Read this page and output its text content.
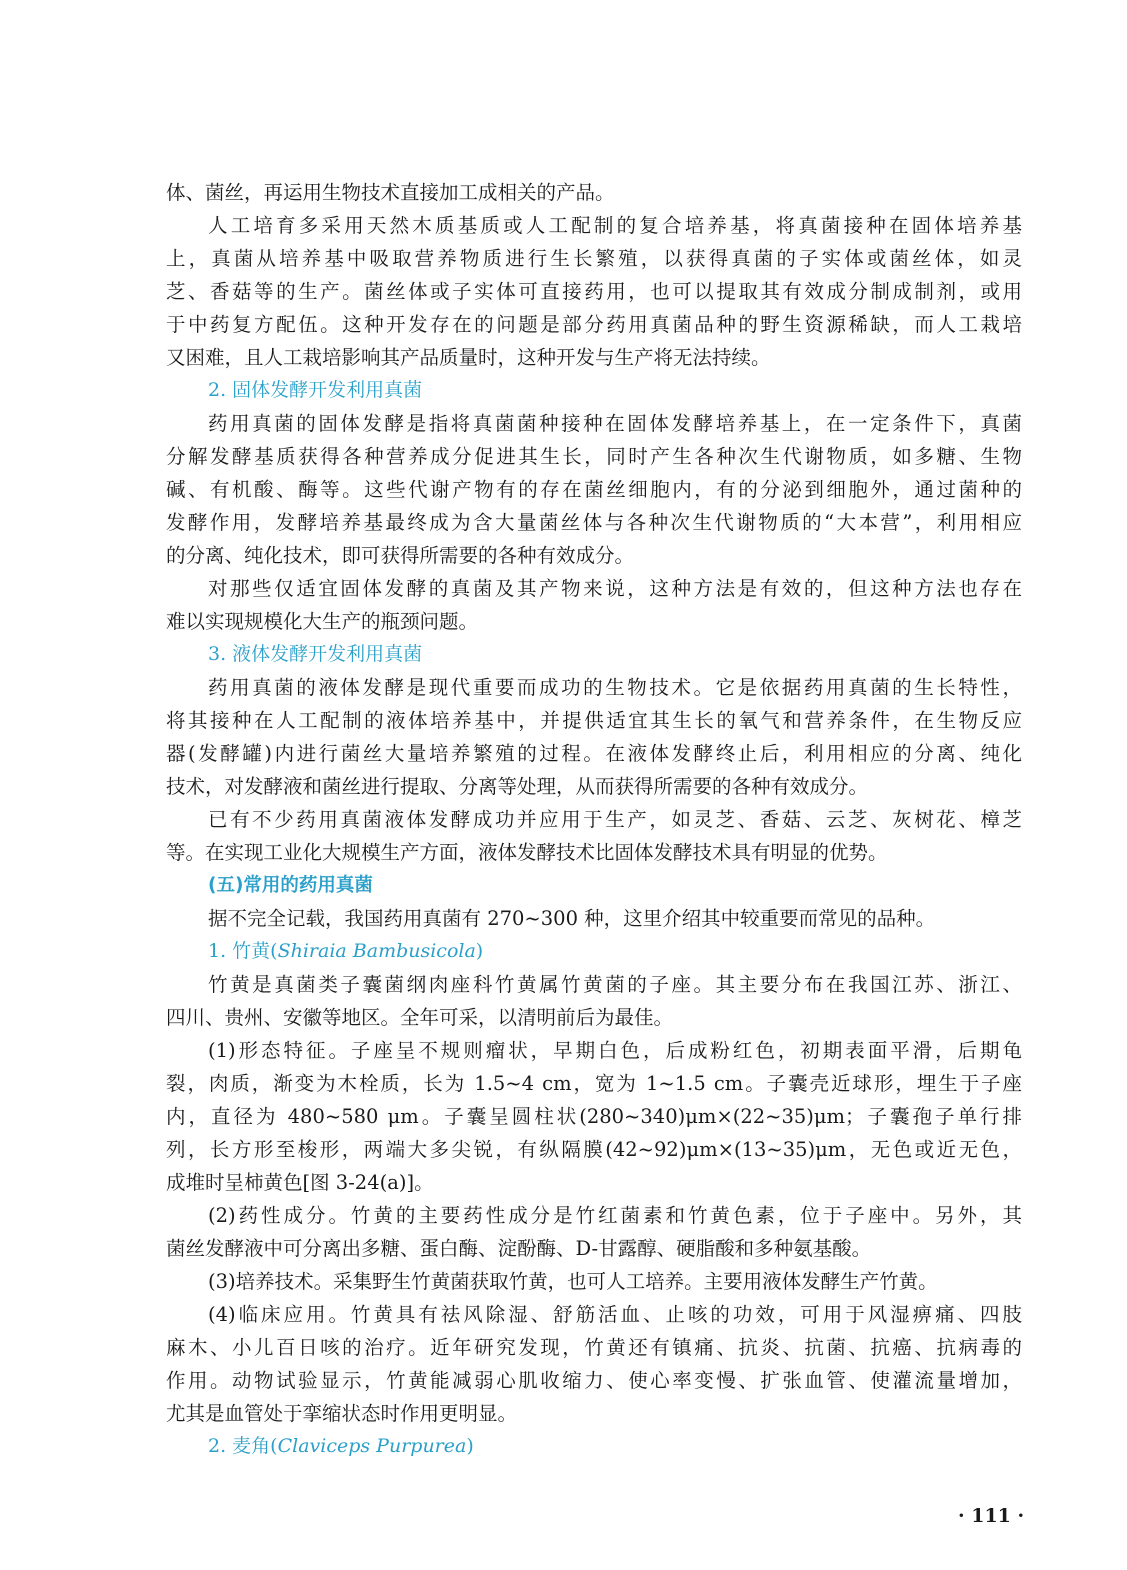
体、菌丝，再运用生物技术直接加工成相关的产品。
人工培育多采用天然木质基质或人工配制的复合培养基，将真菌接种在固体培养基
上，真菌从培养基中吸取营养物质进行生长繁殖，以获得真菌的子实体或菌丝体，如灵
芝、香菇等的生产。菌丝体或子实体可直接药用，也可以提取其有效成分制成制剂，或用
于中药复方配伍。这种开发存在的问题是部分药用真菌品种的野生资源稀缺，而人工栽培
又困难，且人工栽培影响其产品质量时，这种开发与生产将无法持续。
2. 固体发酵开发利用真菌
药用真菌的固体发酵是指将真菌菌种接种在固体发酵培养基上，在一定条件下，真菌
分解发酵基质获得各种营养成分促进其生长，同时产生各种次生代谢物质，如多糖、生物
碱、有机酸、酶等。这些代谢产物有的存在菌丝细胞内，有的分泌到细胞外，通过菌种的
发酵作用，发酵培养基最终成为含大量菌丝体与各种次生代谢物质的“大本营”，利用相应
的分离、纯化技术，即可获得所需要的各种有效成分。
对那些仅适宜固体发酵的真菌及其产物来说，这种方法是有效的，但这种方法也存在
难以实现规模化大生产的瓶颈问题。
3. 液体发酵开发利用真菌
药用真菌的液体发酵是现代重要而成功的生物技术。它是依据药用真菌的生长特性，
将其接种在人工配制的液体培养基中，并提供适宜其生长的氧气和营养条件，在生物反应
器(发酵罐)内进行菌丝大量培养繁殖的过程。在液体发酵终止后，利用相应的分离、纯化
技术，对发酵液和菌丝进行提取、分离等处理，从而获得所需要的各种有效成分。
已有不少药用真菌液体发酵成功并应用于生产，如灵芝、香菇、云芝、灰树花、樟芝
等。在实现工业化大规模生产方面，液体发酵技术比固体发酵技术具有明显的优势。
(五)常用的药用真菌
据不完全记载，我国药用真菌有 270~300 种，这里介绍其中较重要而常见的品种。
1. 竹黄(Shiraia Bambusicola)
竹黄是真菌类子囊菌纲肉座科竹黄属竹黄菌的子座。其主要分布在我国江苏、浙江、
四川、贵州、安徽等地区。全年可采，以清明前后为最佳。
(1)形态特征。子座呈不规则瘤状，早期白色，后成粉红色，初期表面平滑，后期龟
裂，肉质，渐变为木栓质，长为 1.5~4 cm，宽为 1~1.5 cm。子囊壳近球形，埋生于子座
内，直径为 480~580 μm。子囊呈圆柱状(280~340)μm×(22~35)μm；子囊孢子单行排
列，长方形至梭形，两端大多尖锐，有纵隔膜(42~92)μm×(13~35)μm，无色或近无色，
成堆时呈柿黄色[图 3-24(a)]。
(2)药性成分。竹黄的主要药性成分是竹红菌素和竹黄色素，位于子座中。另外，其
菌丝发酵液中可分离出多糖、蛋白酶、淀酚酶、D-甘露醇、硬脂酸和多种氨基酸。
(3)培养技术。采集野生竹黄菌获取竹黄，也可人工培养。主要用液体发酵生产竹黄。
(4)临床应用。竹黄具有祛风除湿、舒筋活血、止咳的功效，可用于风湿痹痛、四肢
麻木、小儿百日咳的治疗。近年研究发现，竹黄还有镇痛、抗炎、抗菌、抗癌、抗病毒的
作用。动物试验显示，竹黄能减弱心肌收缩力、使心率变慢、扩张血管、使灌流量增加，
尤其是血管处于挛缩状态时作用更明显。
2. 麦角(Claviceps Purpurea)
· 111 ·
